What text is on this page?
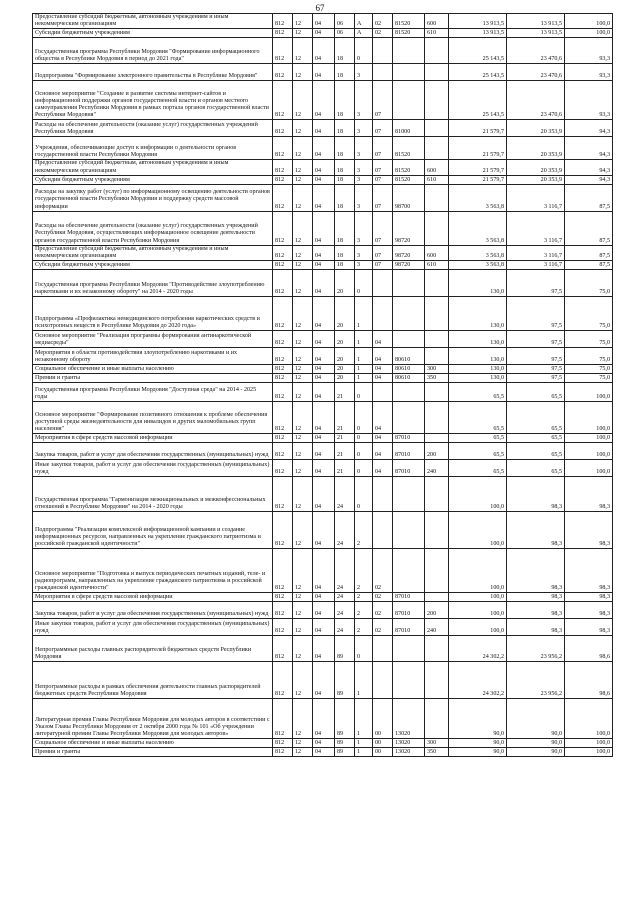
67
Предоставление субсидий бюджетным, автономным учреждениям и иным некоммерческим организациям	812	12	04	06	А	02	81520	600	13 913,5	13 913,5	100,0
Субсидии бюджетным учреждениям	812	12	04	06	А	02	81520	610	13 913,5	13 913,5	100,0
Государственная программа Республики Мордовия "Формирование информационного общества в Республике Мордовия в период до 2021 года"	812	12	04	18	0				25 143,5	23 470,6	93,3
Подпрограмма "Формирование электронного правительства в Республике Мордовия"	812	12	04	18	3				25 143,5	23 470,6	93,3
Основное мероприятие "Создание и развитие системы интернет-сайтов и информационной поддержки органов государственной власти и органов местного самоуправления Республики Мордовия в рамках портала органов государственной власти Республики Мордовия"	812	12	04	18	3	07			25 143,5	23 470,6	93,3
Расходы на обеспечение деятельности (оказание услуг) государственных учреждений Республики Мордовия	812	12	04	18	3	07	81000		21 579,7	20 353,9	94,3
Учреждения, обеспечивающие доступ к информации о деятельности органов государственной власти Республики Мордовия	812	12	04	18	3	07	81520		21 579,7	20 353,9	94,3
Предоставление субсидий бюджетным, автономным учреждениям и иным некоммерческим организациям	812	12	04	18	3	07	81520	600	21 579,7	20 353,9	94,3
Субсидии бюджетным учреждениям	812	12	04	18	3	07	81520	610	21 579,7	20 353,9	94,3
Расходы на закупку работ (услуг) по информационному освещению деятельности органов государственной власти Республики Мордовия и поддержку средств массовой информации	812	12	04	18	3	07	98700		3 563,8	3 116,7	87,5
Расходы на обеспечение деятельности (оказание услуг) государственных учреждений Республики Мордовия, осуществляющих информационное освещение деятельности органов государственной власти Республики Мордовия	812	12	04	18	3	07	98720		3 563,8	3 116,7	87,5
Предоставление субсидий бюджетным, автономным учреждениям и иным некоммерческим организациям	812	12	04	18	3	07	98720	600	3 563,8	3 116,7	87,5
Субсидии бюджетным учреждениям	812	12	04	18	3	07	98720	610	3 563,8	3 116,7	87,5
Государственная программа Республики Мордовия "Противодействие злоупотреблению наркотиками и их незаконному обороту" на 2014 - 2020 годы	812	12	04	20	0				130,0	97,5	75,0
Подпрограмма «Профилактика немедицинского потребления наркотических средств и психотропных веществ в Республике Мордовия до 2020 года»	812	12	04	20	1				130,0	97,5	75,0
Основное мероприятие "Реализация программы формирования антинаркотической медиасреды"	812	12	04	20	1	04			130,0	97,5	75,0
Мероприятия в области противодействия злоупотреблению наркотиками и их незаконному обороту	812	12	04	20	1	04	80610		130,0	97,5	75,0
Социальное обеспечение и иные выплаты населению	812	12	04	20	1	04	80610	300	130,0	97,5	75,0
Премии и гранты	812	12	04	20	1	04	80610	350	130,0	97,5	75,0
Государственная программа Республики Мордовия "Доступная среда" на 2014 - 2025 годы	812	12	04	21	0				65,5	65,5	100,0
Основное мероприятие "Формирование позитивного отношения к проблеме обеспечения доступной среды жизнедеятельности для инвалидов и других маломобильных групп населения"	812	12	04	21	0	04			65,5	65,5	100,0
Мероприятия в сфере средств массовой информации	812	12	04	21	0	04	87010		65,5	65,5	100,0
Закупка товаров, работ и услуг для обеспечения государственных (муниципальных) нужд	812	12	04	21	0	04	87010	200	65,5	65,5	100,0
Иные закупки товаров, работ и услуг для обеспечения государственных (муниципальных) нужд	812	12	04	21	0	04	87010	240	65,5	65,5	100,0
Государственная программа "Гармонизация межнациональных и межконфессиональных отношений в Республике Мордовия" на 2014 - 2020 годы	812	12	04	24	0				100,0	98,3	98,3
Подпрограмма "Реализация комплексной информационной кампании и создание информационных ресурсов, направленных на укрепление гражданского патриотизма и российской гражданской идентичности"	812	12	04	24	2				100,0	98,3	98,3
Основное мероприятие "Подготовка и выпуск периодических печатных изданий, теле- и радиопрограмм, направленных на укрепление гражданского патриотизма и российской гражданской идентичности"	812	12	04	24	2	02			100,0	98,3	98,3
Мероприятия в сфере средств массовой информации	812	12	04	24	2	02	87010		100,0	98,3	98,3
Закупка товаров, работ и услуг для обеспечения государственных (муниципальных) нужд	812	12	04	24	2	02	87010	200	100,0	98,3	98,3
Иные закупки товаров, работ и услуг для обеспечения государственных (муниципальных) нужд	812	12	04	24	2	02	87010	240	100,0	98,3	98,3
Непрограммные расходы главных распорядителей бюджетных средств Республики Мордовия	812	12	04	89	0				24 302,2	23 956,2	98,6
Непрограммные расходы в рамках обеспечения деятельности главных распорядителей бюджетных средств Республики Мордовия	812	12	04	89	1				24 302,2	23 956,2	98,6
Литературная премия Главы Республики Мордовия для молодых авторов в соответствии с Указом Главы Республики Мордовия от 2 октября 2000 года № 101 «Об учреждении литературной премии Главы Республики Мордовия для молодых авторов»	812	12	04	89	1	00	13020		90,0	90,0	100,0
Социальное обеспечение и иные выплаты населению	812	12	04	89	1	00	13020	300	90,0	90,0	100,0
Премии и гранты	812	12	04	89	1	00	13020	350	90,0	90,0	100,0
